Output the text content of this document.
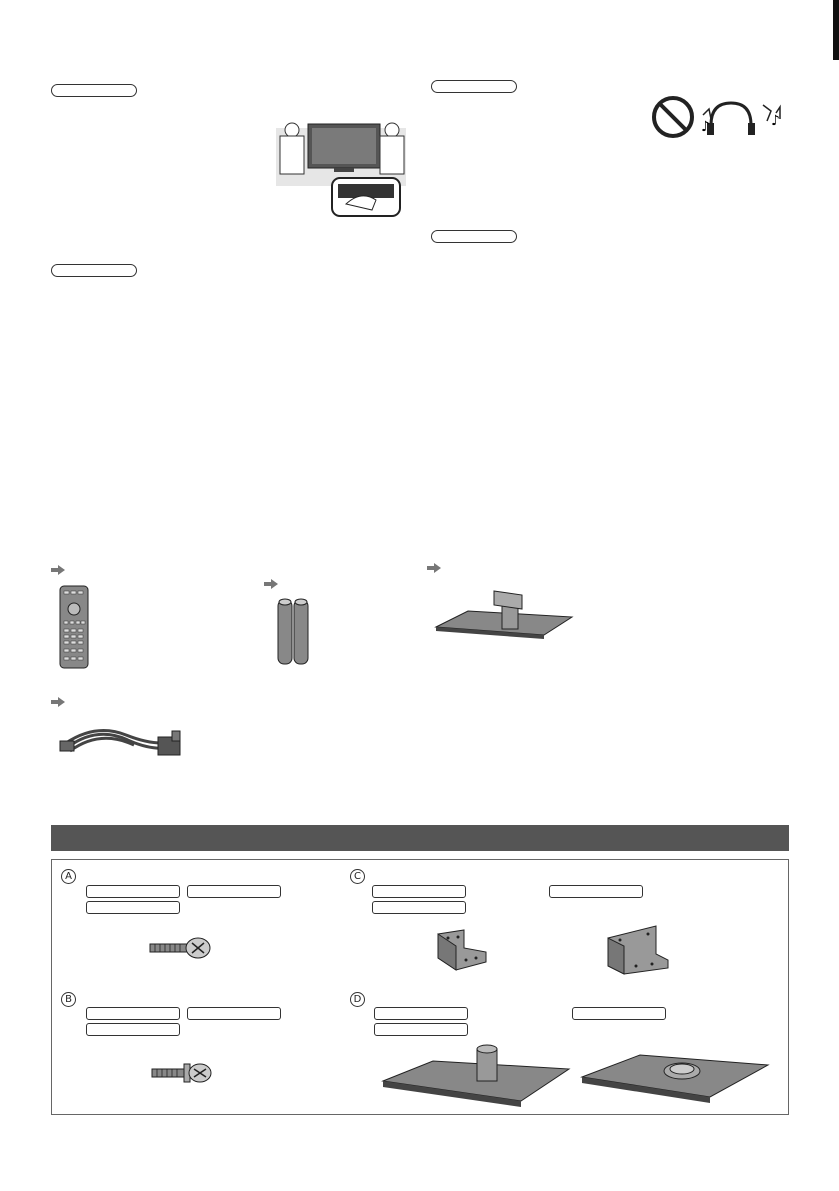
♪	♪
A
B
C
D
